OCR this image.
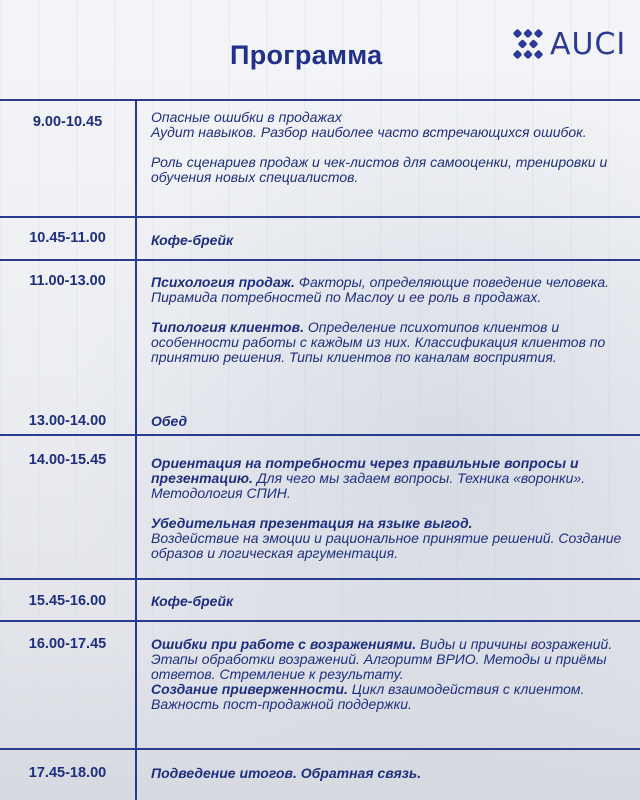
Программа	AUCI
9.00-10.45	Опасные ошибки в продажах
Аудит навыков. Разбор наиболее часто встречающихся ошибок.

Роль сценариев продаж и чек-листов для самооценки, тренировки и обучения новых специалистов.

10.45-11.00	Кофе-брейк

11.00-13.00	Психология продаж. Факторы, определяющие поведение человека. Пирамида потребностей по Маслоу и ее роль в продажах.

Типология клиентов. Определение психотипов клиентов и особенности работы с каждым из них. Классификация клиентов по принятию решения. Типы клиентов по каналам восприятия.

13.00-14.00	Обед

14.00-15.45	Ориентация на потребности через правильные вопросы и презентацию. Для чего мы задаем вопросы. Техника «воронки». Методология СПИН.

Убедительная презентация на языке выгод.
Воздействие на эмоции и рациональное принятие решений. Создание образов и логическая аргументация.

15.45-16.00	Кофе-брейк

16.00-17.45	Ошибки при работе с возражениями. Виды и причины возражений. Этапы обработки возражений. Алгоритм ВРИО. Методы и приёмы ответов. Стремление к результату.

Создание приверженности. Цикл взаимодействия с клиентом. Важность пост-продажной поддержки.

17.45-18.00	Подведение итогов. Обратная связь.
